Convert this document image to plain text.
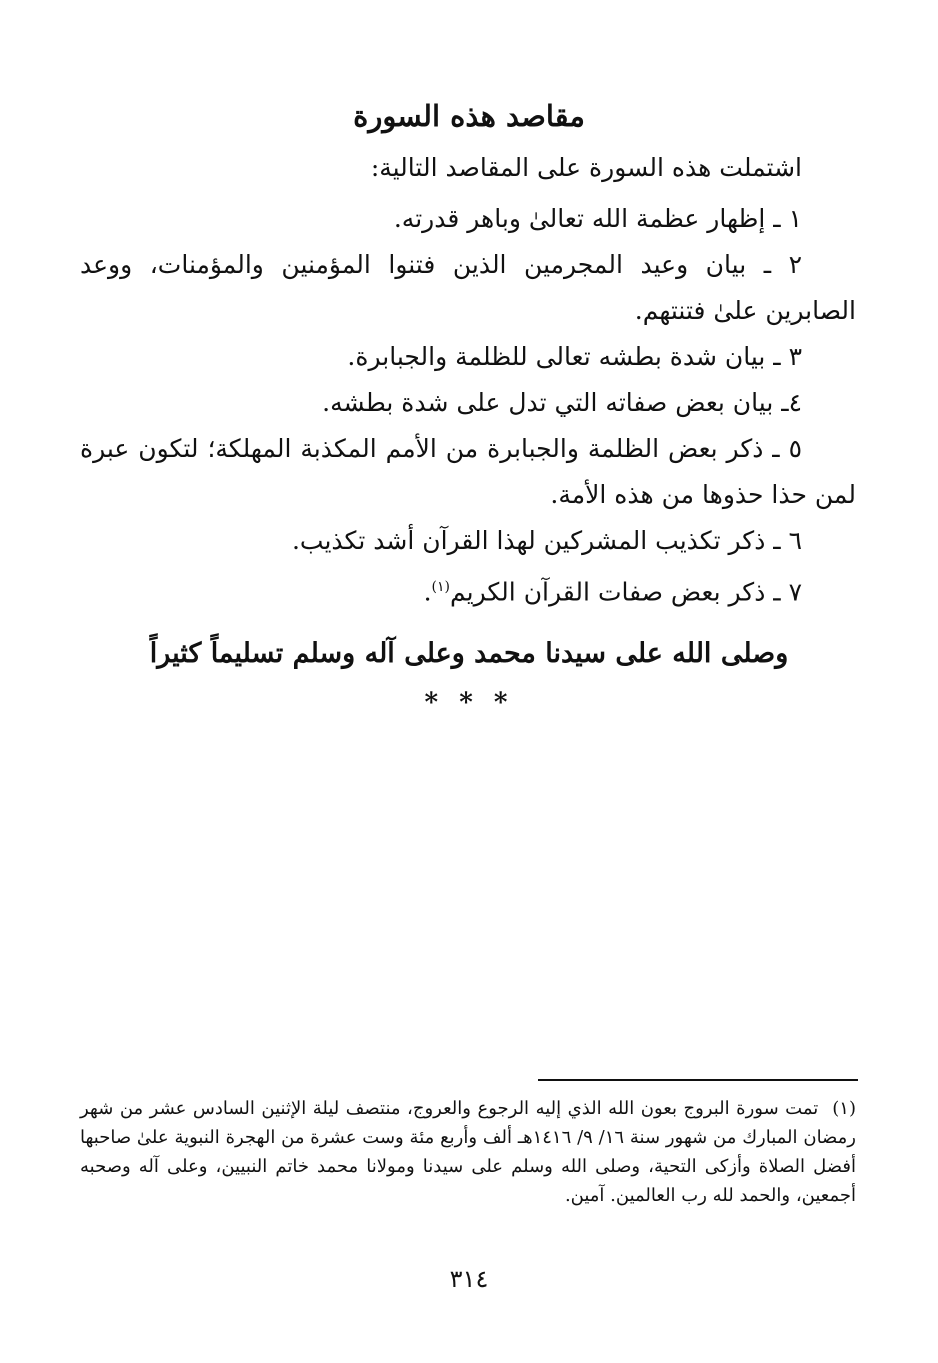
مقاصد هذه السورة
اشتملت هذه السورة على المقاصد التالية:
١ ـ إظهار عظمة الله تعالىٰ وباهر قدرته.
٢ ـ بيان وعيد المجرمين الذين فتنوا المؤمنين والمؤمنات، ووعد الصابرين علىٰ فتنتهم.
٣ ـ بيان شدة بطشه تعالى للظلمة والجبابرة.
٤ـ بيان بعض صفاته التي تدل على شدة بطشه.
٥ ـ ذكر بعض الظلمة والجبابرة من الأمم المكذبة المهلكة؛ لتكون عبرة لمن حذا حذوها من هذه الأمة.
٦ ـ ذكر تكذيب المشركين لهذا القرآن أشد تكذيب.
٧ ـ ذكر بعض صفات القرآن الكريم$^{(١)}$.
وصلى الله على سيدنا محمد وعلى آله وسلم تسليماً كثيراً
* * *
(١)تمت سورة البروج بعون الله الذي إليه الرجوع والعروج، منتصف ليلة الإثنين السادس عشر من شهر رمضان المبارك من شهور سنة ١٦/ ٩/ ١٤١٦هـ ألف وأربع مئة وست عشرة من الهجرة النبوية علىٰ صاحبها أفضل الصلاة وأزكى التحية، وصلى الله وسلم على سيدنا ومولانا محمد خاتم النبيين، وعلى آله وصحبه أجمعين، والحمد لله رب العالمين. آمين.
٣١٤
